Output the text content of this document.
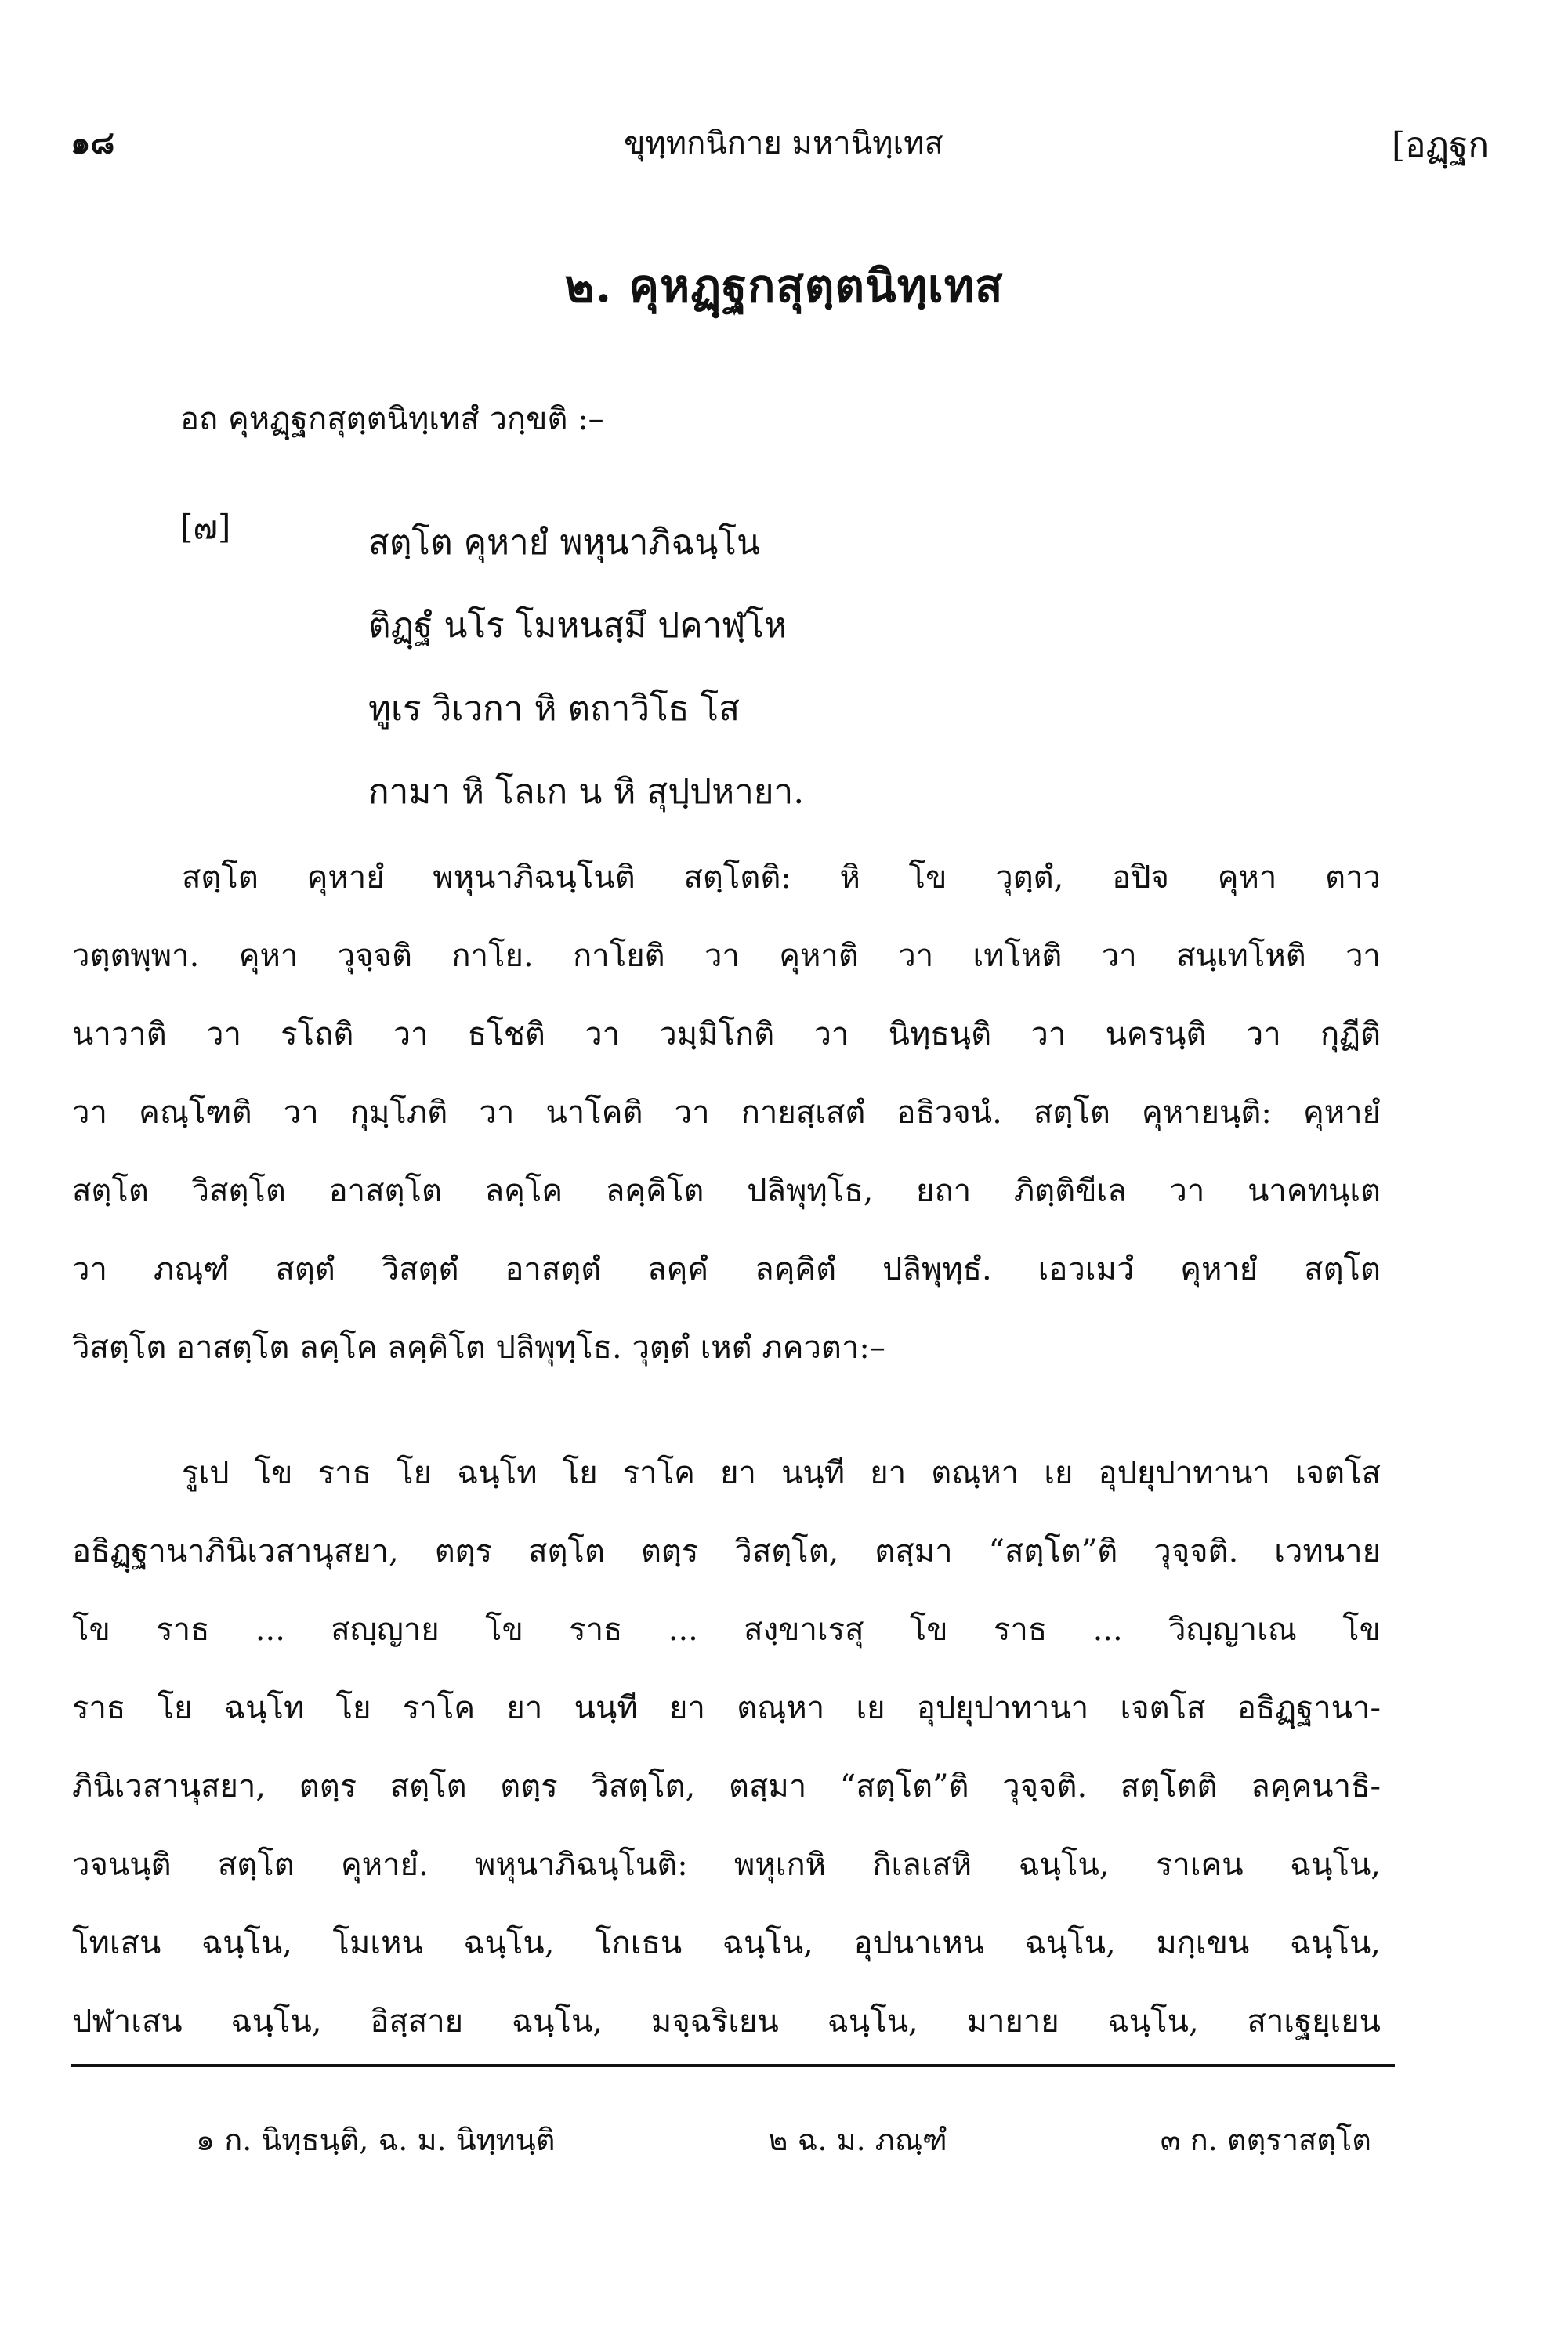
๑๘	ขุทฺทกนิกาย มหานิทฺเทส	[อฏฺฐก
๒. คุหฏฺฐกสุตฺตนิทฺเทส
อถ คุหฏฺฐกสุตฺตนิทฺเทสํ วกฺขติ :–
[๗]	สตฺโต คุหายํ พหุนาภิฉนฺโน
ติฏฺฐํ นโร โมหนสฺมึ ปคาฬฺโห
ทูเร วิเวกา หิ ตถาวิโธ โส
กามา หิ โลเก น หิ สุปฺปหายา.
สตฺโต คุหายํ พหุนาภิฉนฺโนติ สตฺโตติ: หิ โข วุตฺตํ, อปิจ คุหา ตาว
วตฺตพฺพา. คุหา วุจฺจติ กาโย. กาโยติ วา คุหาติ วา เทโหติ วา สนฺเทโหติ วา
นาวาติ วา รโถติ วา ธโชติ วา วมฺมิโกติ วา นิทฺธนฺติ วา นครนฺติ วา กุฏีติ
วา คณฺโฑติ วา กุมฺโภติ วา นาโคติ วา กายสฺเสตํ อธิวจนํ. สตฺโต คุหายนฺติ: คุหายํ
สตฺโต วิสตฺโต อาสตฺโต ลคฺโค ลคฺคิโต ปลิพุทฺโธ, ยถา ภิตฺติขีเล วา นาคทนฺเต
วา ภณฺฑํ สตฺตํ วิสตฺตํ อาสตฺตํ ลคฺคํ ลคฺคิตํ ปลิพุทฺธํ. เอวเมวํ คุหายํ สตฺโต
วิสตฺโต อาสตฺโต ลคฺโค ลคฺคิโต ปลิพุทฺโธ. วุตฺตํ เหตํ ภควตา:–
รูเป โข ราธ โย ฉนฺโท โย ราโค ยา นนฺที ยา ตณฺหา เย อุปยุปาทานา เจตโส
อธิฏฺฐานาภินิเวสานุสยา, ตตฺร สตฺโต ตตฺร วิสตฺโต, ตสฺมา “สตฺโต”ติ วุจฺจติ. เวทนาย
โข ราธ ... สญฺญาย โข ราธ ... สงฺขาเรสุ โข ราธ ... วิญฺญาเณ โข
ราธ โย ฉนฺโท โย ราโค ยา นนฺที ยา ตณฺหา เย อุปยุปาทานา เจตโส อธิฏฺฐานา-
ภินิเวสานุสยา, ตตฺร สตฺโต ตตฺร วิสตฺโต, ตสฺมา “สตฺโต”ติ วุจฺจติ. สตฺโตติ ลคฺคนาธิ-
วจนนฺติ สตฺโต คุหายํ. พหุนาภิฉนฺโนติ: พหุเกหิ กิเลเสหิ ฉนฺโน, ราเคน ฉนฺโน,
โทเสน ฉนฺโน, โมเหน ฉนฺโน, โกเธน ฉนฺโน, อุปนาเหน ฉนฺโน, มกฺเขน ฉนฺโน,
ปฬาเสน ฉนฺโน, อิสฺสาย ฉนฺโน, มจฺฉริเยน ฉนฺโน, มายาย ฉนฺโน, สาเฐยฺเยน
๑ ก. นิทฺธนฺติ, ฉ. ม. นิทฺทนฺติ	๒ ฉ. ม. ภณฺฑํ	๓ ก. ตตฺราสตฺโต
